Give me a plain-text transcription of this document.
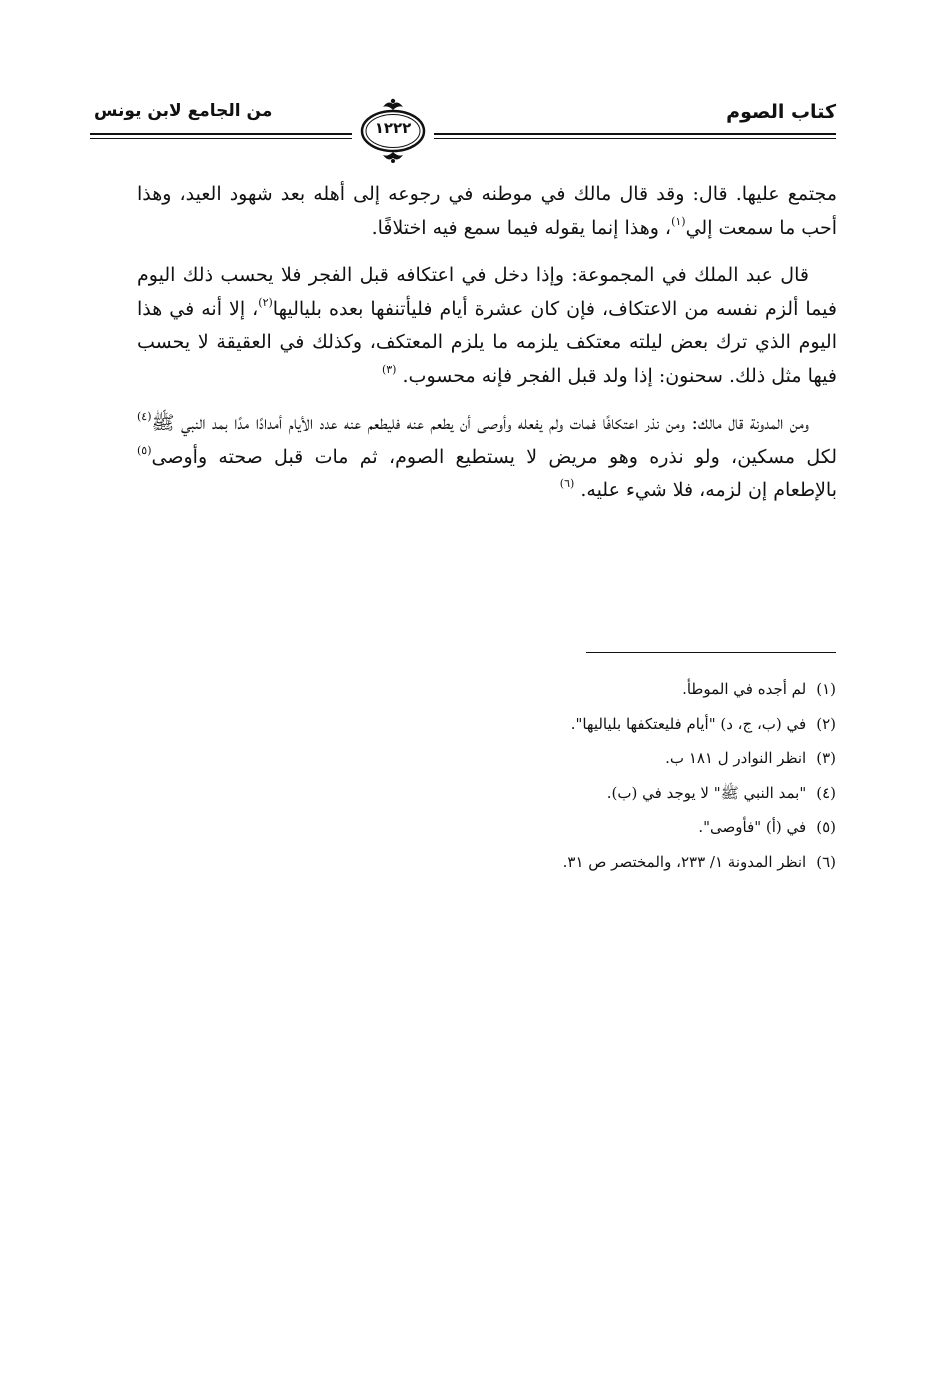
من الجامع لابن يونس	كتاب الصوم
١٢٢٢

مجتمع عليها. قال: وقد قال مالك في موطنه في رجوعه إلى أهله بعد شهود العيد، وهذا أحب ما سمعت إلي$^{(١)}$، وهذا إنما يقوله فيما سمع فيه اختلافًا.

قال عبد الملك في المجموعة: وإذا دخل في اعتكافه قبل الفجر فلا يحسب ذلك اليوم فيما ألزم نفسه من الاعتكاف، فإن كان عشرة أيام فليأتنفها بعده بلياليها$^{(٢)}$، إلا أنه في هذا اليوم الذي ترك بعض ليلته معتكف يلزمه ما يلزم المعتكف، وكذلك في العقيقة لا يحسب فيها مثل ذلك. سحنون: إذا ولد قبل الفجر فإنه محسوب. $^{(٣)}$

ومن المدونة قال مالك: ومن نذر اعتكافًا فمات ولم يفعله وأوصى أن يطعم عنه فليطعم عنه عدد الأيام أمدادًا مدًا بمد النبي ﷺ$^{(٤)}$ لكل مسكين، ولو نذره وهو مريض لا يستطيع الصوم، ثم مات قبل صحته وأوصى$^{(٥)}$ بالإطعام إن لزمه، فلا شيء عليه. $^{(٦)}$

(١)لم أجده في الموطأ.
(٢)في (ب، ج، د) "أيام فليعتكفها بلياليها".
(٣)انظر النوادر ل ١٨١ ب.
(٤)"بمد النبي ﷺ" لا يوجد في (ب).
(٥)في (أ) "فأوصى".
(٦)انظر المدونة ١/ ٢٣٣، والمختصر ص ٣١.
